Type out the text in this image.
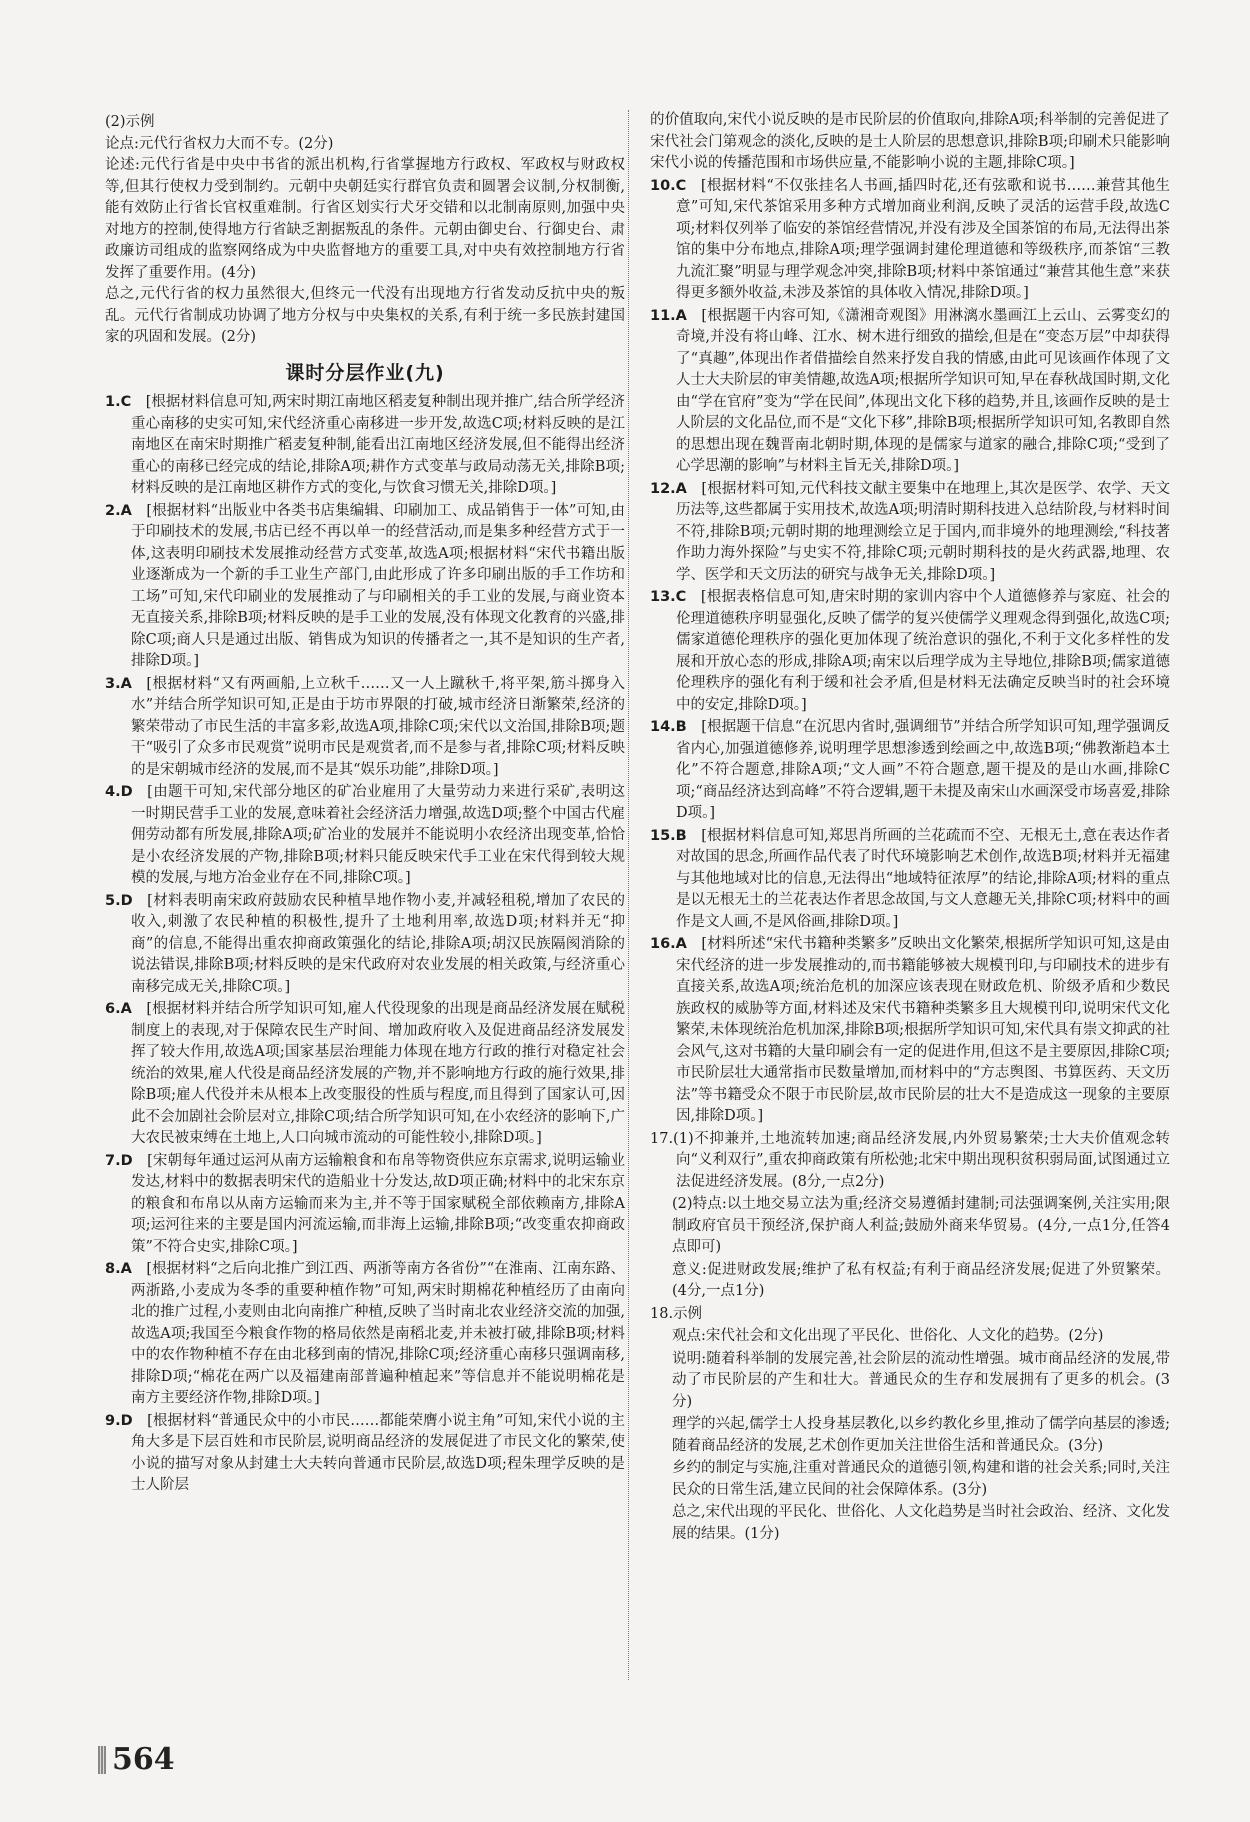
(2)示例

论点:元代行省权力大而不专。(2分)

论述:元代行省是中央中书省的派出机构,行省掌握地方行政权、军政权与财政权等,但其行使权力受到制约。元朝中央朝廷实行群官负责和圆署会议制,分权制衡,能有效防止行省长官权重难制。行省区划实行犬牙交错和以北制南原则,加强中央对地方的控制,使得地方行省缺乏割据叛乱的条件。元朝由御史台、行御史台、肃政廉访司组成的监察网络成为中央监督地方的重要工具,对中央有效控制地方行省发挥了重要作用。(4分)

总之,元代行省的权力虽然很大,但终元一代没有出现地方行省发动反抗中央的叛乱。元代行省制成功协调了地方分权与中央集权的关系,有利于统一多民族封建国家的巩固和发展。(2分)

课时分层作业(九)

1.C  [根据材料信息可知,两宋时期江南地区稻麦复种制出现并推广,结合所学经济重心南移的史实可知,宋代经济重心南移进一步开发,故选C项;材料反映的是江南地区在南宋时期推广稻麦复种制,能看出江南地区经济发展,但不能得出经济重心的南移已经完成的结论,排除A项;耕作方式变革与政局动荡无关,排除B项;材料反映的是江南地区耕作方式的变化,与饮食习惯无关,排除D项。]

2.A  [根据材料“出版业中各类书店集编辑、印刷加工、成品销售于一体”可知,由于印刷技术的发展,书店已经不再以单一的经营活动,而是集多种经营方式于一体,这表明印刷技术发展推动经营方式变革,故选A项;根据材料“宋代书籍出版业逐渐成为一个新的手工业生产部门,由此形成了许多印刷出版的手工作坊和工场”可知,宋代印刷业的发展推动了与印刷相关的手工业的发展,与商业资本无直接关系,排除B项;材料反映的是手工业的发展,没有体现文化教育的兴盛,排除C项;商人只是通过出版、销售成为知识的传播者之一,其不是知识的生产者,排除D项。]

3.A  [根据材料“又有两画船,上立秋千……又一人上蹴秋千,将平架,筋斗掷身入水”并结合所学知识可知,正是由于坊市界限的打破,城市经济日渐繁荣,经济的繁荣带动了市民生活的丰富多彩,故选A项,排除C项;宋代以文治国,排除B项;题干“吸引了众多市民观赏”说明市民是观赏者,而不是参与者,排除C项;材料反映的是宋朝城市经济的发展,而不是其“娱乐功能”,排除D项。]

4.D  [由题干可知,宋代部分地区的矿冶业雇用了大量劳动力来进行采矿,表明这一时期民营手工业的发展,意味着社会经济活力增强,故选D项;整个中国古代雇佣劳动都有所发展,排除A项;矿冶业的发展并不能说明小农经济出现变革,恰恰是小农经济发展的产物,排除B项;材料只能反映宋代手工业在宋代得到较大规模的发展,与地方冶金业存在不同,排除C项。]

5.D  [材料表明南宋政府鼓励农民种植旱地作物小麦,并减轻租税,增加了农民的收入,刺激了农民种植的积极性,提升了土地利用率,故选D项;材料并无“抑商”的信息,不能得出重农抑商政策强化的结论,排除A项;胡汉民族隔阂消除的说法错误,排除B项;材料反映的是宋代政府对农业发展的相关政策,与经济重心南移完成无关,排除C项。]

6.A  [根据材料并结合所学知识可知,雇人代役现象的出现是商品经济发展在赋税制度上的表现,对于保障农民生产时间、增加政府收入及促进商品经济发展发挥了较大作用,故选A项;国家基层治理能力体现在地方行政的推行对稳定社会统治的效果,雇人代役是商品经济发展的产物,并不影响地方行政的施行效果,排除B项;雇人代役并未从根本上改变服役的性质与程度,而且得到了国家认可,因此不会加剧社会阶层对立,排除C项;结合所学知识可知,在小农经济的影响下,广大农民被束缚在土地上,人口向城市流动的可能性较小,排除D项。]

7.D  [宋朝每年通过运河从南方运输粮食和布帛等物资供应东京需求,说明运输业发达,材料中的数据表明宋代的造船业十分发达,故D项正确;材料中的北宋东京的粮食和布帛以从南方运输而来为主,并不等于国家赋税全部依赖南方,排除A项;运河往来的主要是国内河流运输,而非海上运输,排除B项;“改变重农抑商政策”不符合史实,排除C项。]

8.A  [根据材料“之后向北推广到江西、两浙等南方各省份”“在淮南、江南东路、两浙路,小麦成为冬季的重要种植作物”可知,两宋时期棉花种植经历了由南向北的推广过程,小麦则由北向南推广种植,反映了当时南北农业经济交流的加强,故选A项;我国至今粮食作物的格局依然是南稻北麦,并未被打破,排除B项;材料中的农作物种植不存在由北移到南的情况,排除C项;经济重心南移只强调南移,排除D项;“棉花在两广以及福建南部普遍种植起来”等信息并不能说明棉花是南方主要经济作物,排除D项。]

9.D  [根据材料“普通民众中的小市民……都能荣膺小说主角”可知,宋代小说的主角大多是下层百姓和市民阶层,说明商品经济的发展促进了市民文化的繁荣,使小说的描写对象从封建士大夫转向普通市民阶层,故选D项;程朱理学反映的是士人阶层

的价值取向,宋代小说反映的是市民阶层的价值取向,排除A项;科举制的完善促进了宋代社会门第观念的淡化,反映的是士人阶层的思想意识,排除B项;印刷术只能影响宋代小说的传播范围和市场供应量,不能影响小说的主题,排除C项。]

10.C  [根据材料“不仅张挂名人书画,插四时花,还有弦歌和说书……兼营其他生意”可知,宋代茶馆采用多种方式增加商业利润,反映了灵活的运营手段,故选C项;材料仅列举了临安的茶馆经营情况,并没有涉及全国茶馆的布局,无法得出茶馆的集中分布地点,排除A项;理学强调封建伦理道德和等级秩序,而茶馆“三教九流汇聚”明显与理学观念冲突,排除B项;材料中茶馆通过“兼营其他生意”来获得更多额外收益,未涉及茶馆的具体收入情况,排除D项。]

11.A  [根据题干内容可知,《潇湘奇观图》用淋漓水墨画江上云山、云雾变幻的奇境,并没有将山峰、江水、树木进行细致的描绘,但是在“变态万层”中却获得了“真趣”,体现出作者借描绘自然来抒发自我的情感,由此可见该画作体现了文人士大夫阶层的审美情趣,故选A项;根据所学知识可知,早在春秋战国时期,文化由“学在官府”变为“学在民间”,体现出文化下移的趋势,并且,该画作反映的是士人阶层的文化品位,而不是“文化下移”,排除B项;根据所学知识可知,名教即自然的思想出现在魏晋南北朝时期,体现的是儒家与道家的融合,排除C项;“受到了心学思潮的影响”与材料主旨无关,排除D项。]

12.A  [根据材料可知,元代科技文献主要集中在地理上,其次是医学、农学、天文历法等,这些都属于实用技术,故选A项;明清时期科技进入总结阶段,与材料时间不符,排除B项;元朝时期的地理测绘立足于国内,而非境外的地理测绘,“科技著作助力海外探险”与史实不符,排除C项;元朝时期科技的是火药武器,地理、农学、医学和天文历法的研究与战争无关,排除D项。]

13.C  [根据表格信息可知,唐宋时期的家训内容中个人道德修养与家庭、社会的伦理道德秩序明显强化,反映了儒学的复兴使儒学义理观念得到强化,故选C项;儒家道德伦理秩序的强化更加体现了统治意识的强化,不利于文化多样性的发展和开放心态的形成,排除A项;南宋以后理学成为主导地位,排除B项;儒家道德伦理秩序的强化有利于缓和社会矛盾,但是材料无法确定反映当时的社会环境中的安定,排除D项。]

14.B  [根据题干信息“在沉思内省时,强调细节”并结合所学知识可知,理学强调反省内心,加强道德修养,说明理学思想渗透到绘画之中,故选B项;“佛教渐趋本土化”不符合题意,排除A项;“文人画”不符合题意,题干提及的是山水画,排除C项;“商品经济达到高峰”不符合逻辑,题干未提及南宋山水画深受市场喜爱,排除D项。]

15.B  [根据材料信息可知,郑思肖所画的兰花疏而不空、无根无土,意在表达作者对故国的思念,所画作品代表了时代环境影响艺术创作,故选B项;材料并无福建与其他地域对比的信息,无法得出“地域特征浓厚”的结论,排除A项;材料的重点是以无根无土的兰花表达作者思念故国,与文人意趣无关,排除C项;材料中的画作是文人画,不是风俗画,排除D项。]

16.A  [材料所述“宋代书籍种类繁多”反映出文化繁荣,根据所学知识可知,这是由宋代经济的进一步发展推动的,而书籍能够被大规模刊印,与印刷技术的进步有直接关系,故选A项;统治危机的加深应该表现在财政危机、阶级矛盾和少数民族政权的威胁等方面,材料述及宋代书籍种类繁多且大规模刊印,说明宋代文化繁荣,未体现统治危机加深,排除B项;根据所学知识可知,宋代具有崇文抑武的社会风气,这对书籍的大量印刷会有一定的促进作用,但这不是主要原因,排除C项;市民阶层壮大通常指市民数量增加,而材料中的“方志舆图、书算医药、天文历法”等书籍受众不限于市民阶层,故市民阶层的壮大不是造成这一现象的主要原因,排除D项。]

17.(1)不抑兼并,土地流转加速;商品经济发展,内外贸易繁荣;士大夫价值观念转向“义利双行”,重农抑商政策有所松弛;北宋中期出现积贫积弱局面,试图通过立法促进经济发展。(8分,一点2分)

(2)特点:以土地交易立法为重;经济交易遵循封建制;司法强调案例,关注实用;限制政府官员干预经济,保护商人利益;鼓励外商来华贸易。(4分,一点1分,任答4点即可)

意义:促进财政发展;维护了私有权益;有利于商品经济发展;促进了外贸繁荣。(4分,一点1分)

18.示例

观点:宋代社会和文化出现了平民化、世俗化、人文化的趋势。(2分)

说明:随着科举制的发展完善,社会阶层的流动性增强。城市商品经济的发展,带动了市民阶层的产生和壮大。普通民众的生存和发展拥有了更多的机会。(3分)

理学的兴起,儒学士人投身基层教化,以乡约教化乡里,推动了儒学向基层的渗透;随着商品经济的发展,艺术创作更加关注世俗生活和普通民众。(3分)

乡约的制定与实施,注重对普通民众的道德引领,构建和谐的社会关系;同时,关注民众的日常生活,建立民间的社会保障体系。(3分)

总之,宋代出现的平民化、世俗化、人文化趋势是当时社会政治、经济、文化发展的结果。(1分)

564
